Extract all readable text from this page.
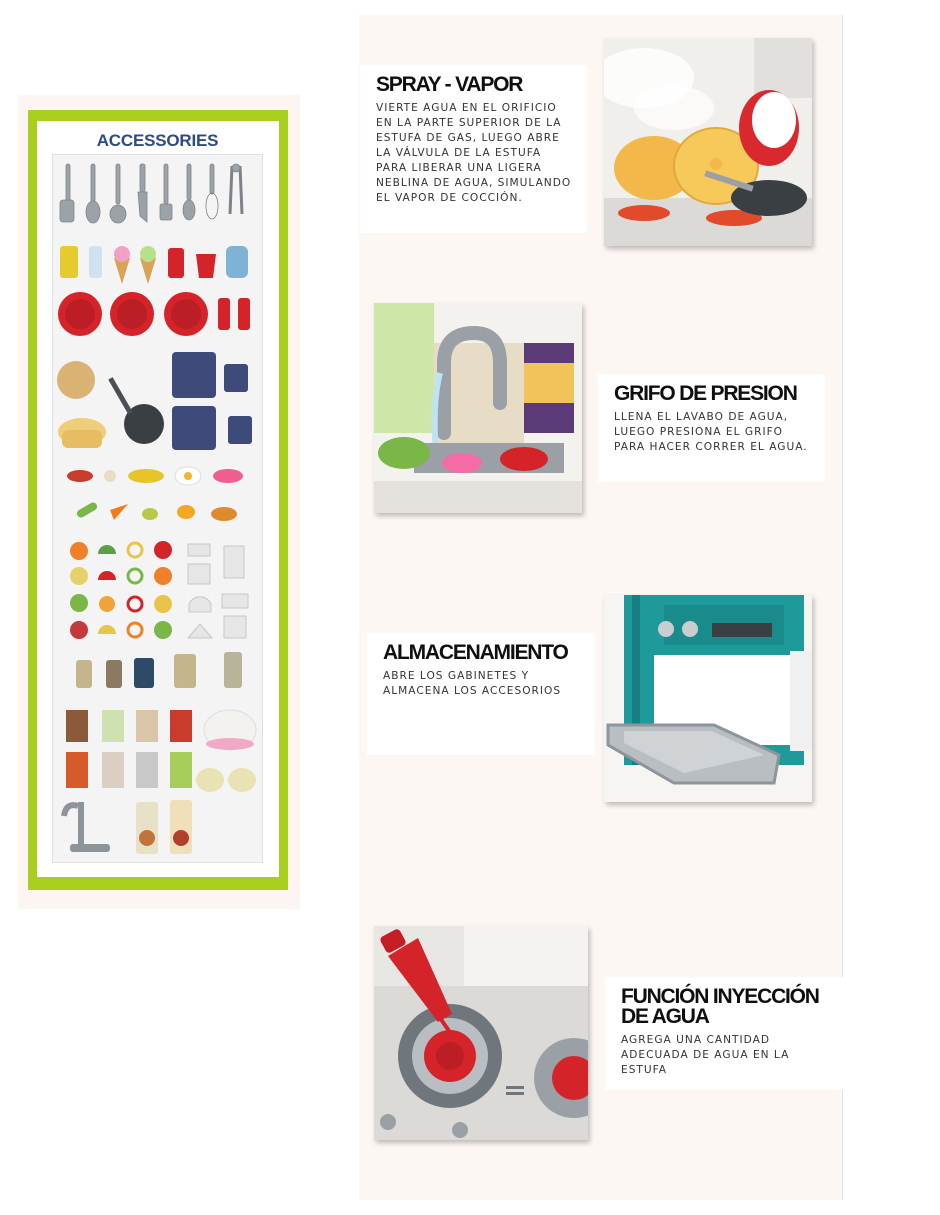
ACCESSORIES
SPRAY - VAPOR

VIERTE AGUA EN EL ORIFICIO EN LA PARTE SUPERIOR DE LA ESTUFA DE GAS, LUEGO ABRE LA VÁLVULA DE LA ESTUFA PARA LIBERAR UNA LIGERA NEBLINA DE AGUA, SIMULANDO EL VAPOR DE COCCIÓN.

GRIFO DE PRESION

LLENA EL LAVABO DE AGUA, LUEGO PRESIONA EL GRIFO PARA HACER CORRER EL AGUA.

ALMACENAMIENTO

ABRE LOS GABINETES Y ALMACENA LOS ACCESORIOS

FUNCIÓN INYECCIÓN DE AGUA

AGREGA UNA CANTIDAD ADECUADA DE AGUA EN LA ESTUFA
